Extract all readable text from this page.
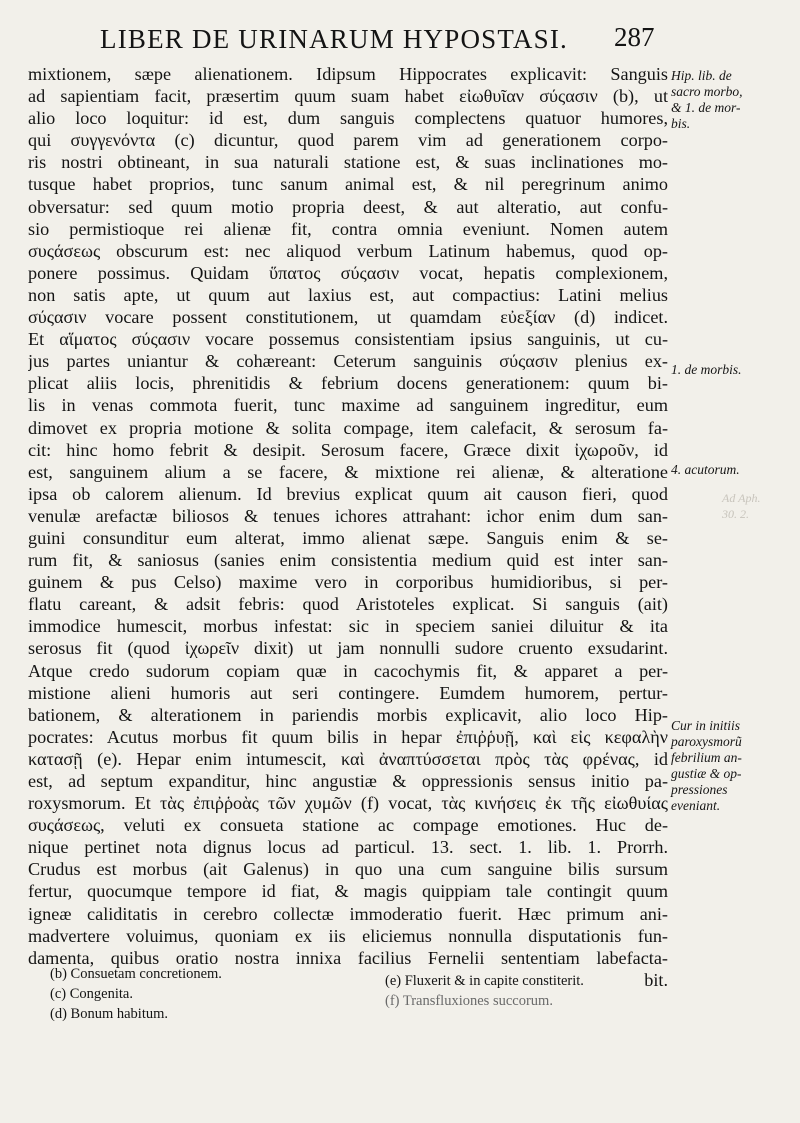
LIBER DE URINARUM HYPOSTASI. 287
mixtionem, sæpe alienationem. Idipsum Hippocrates explicavit: Sanguis
ad sapientiam facit, præsertim quum suam habet εἰωθυῖαν σύςασιν (b), ut
alio loco loquitur: id est, dum sanguis complectens quatuor humores,
qui συγγενόντα (c) dicuntur, quod parem vim ad generationem corpo-
ris nostri obtineant, in sua naturali statione est, & suas inclinationes mo-
tusque habet proprios, tunc sanum animal est, & nil peregrinum animo
obversatur: sed quum motio propria deest, & aut alteratio, aut confu-
sio permistioque rei alienæ fit, contra omnia eveniunt. Nomen autem
συςάσεως obscurum est: nec aliquod verbum Latinum habemus, quod op-
ponere possimus. Quidam ὕπατος σύςασιν vocat, hepatis complexionem,
non satis apte, ut quum aut laxius est, aut compactius: Latini melius
σύςασιν vocare possent constitutionem, ut quamdam εὐεξίαν (d) indicet.
Et αἵματος σύςασιν vocare possemus consistentiam ipsius sanguinis, ut cu-
jus partes uniantur & cohæreant: Ceterum sanguinis σύςασιν plenius ex-
plicat aliis locis, phrenitidis & febrium docens generationem: quum bi-
lis in venas commota fuerit, tunc maxime ad sanguinem ingreditur, eum
dimovet ex propria motione & solita compage, item calefacit, & serosum fa-
cit: hinc homo febrit & desipit. Serosum facere, Græce dixit ἰχωροῦν, id
est, sanguinem alium a se facere, & mixtione rei alienæ, & alteratione
ipsa ob calorem alienum. Id brevius explicat quum ait causon fieri, quod
venulæ arefactæ biliosos & tenues ichores attrahant: ichor enim dum san-
guini consunditur eum alterat, immo alienat sæpe. Sanguis enim & se-
rum fit, & saniosus (sanies enim consistentia medium quid est inter san-
guinem & pus Celso) maxime vero in corporibus humidioribus, si per-
flatu careant, & adsit febris: quod Aristoteles explicat. Si sanguis (ait)
immodice humescit, morbus infestat: sic in speciem saniei diluitur & ita
serosus fit (quod ἰχωρεῖν dixit) ut jam nonnulli sudore cruento exsudarint.
Atque credo sudorum copiam quæ in cacochymis fit, & apparet a per-
mistione alieni humoris aut seri contingere. Eumdem humorem, pertur-
bationem, & alterationem in pariendis morbis explicavit, alio loco Hip-
pocrates: Acutus morbus fit quum bilis in hepar ἐπιῤῥυῇ, καὶ εἰς κεφαλὴν
κατασῇ (e). Hepar enim intumescit, καὶ ἀναπτύσσεται πρὸς τὰς φρένας, id
est, ad septum expanditur, hinc angustiæ & oppressionis sensus initio pa-
roxysmorum. Et τὰς ἐπιῤῥοὰς τῶν χυμῶν (f) vocat, τὰς κινήσεις ἐκ τῆς εἰωθυίας
συςάσεως, veluti ex consueta statione ac compage emotiones. Huc de-
nique pertinet nota dignus locus ad particul. 13. sect. 1. lib. 1. Prorrh.
Crudus est morbus (ait Galenus) in quo una cum sanguine bilis sursum
fertur, quocumque tempore id fiat, & magis quippiam tale contingit quum
igneæ caliditatis in cerebro collectæ immoderatio fuerit. Hæc primum ani-
madvertere voluimus, quoniam ex iis eliciemus nonnulla disputationis fun-
damenta, quibus oratio nostra innixa facilius Fernelii sententiam labefacta-
bit.
Hip. lib. de
sacro morbo,
& 1. de mor-
bis.
1. de morbis.
4. acutorum.
Cur in initiis
paroxysmorũ
febrilium an-
gustiæ & op-
pressiones
eveniant.
Ad Aph.
30. 2.
(b) Consuetam concretionem.
(c) Congenita.
(d) Bonum habitum.
(e) Fluxerit & in capite constiterit.
(f) Transfluxiones succorum.
